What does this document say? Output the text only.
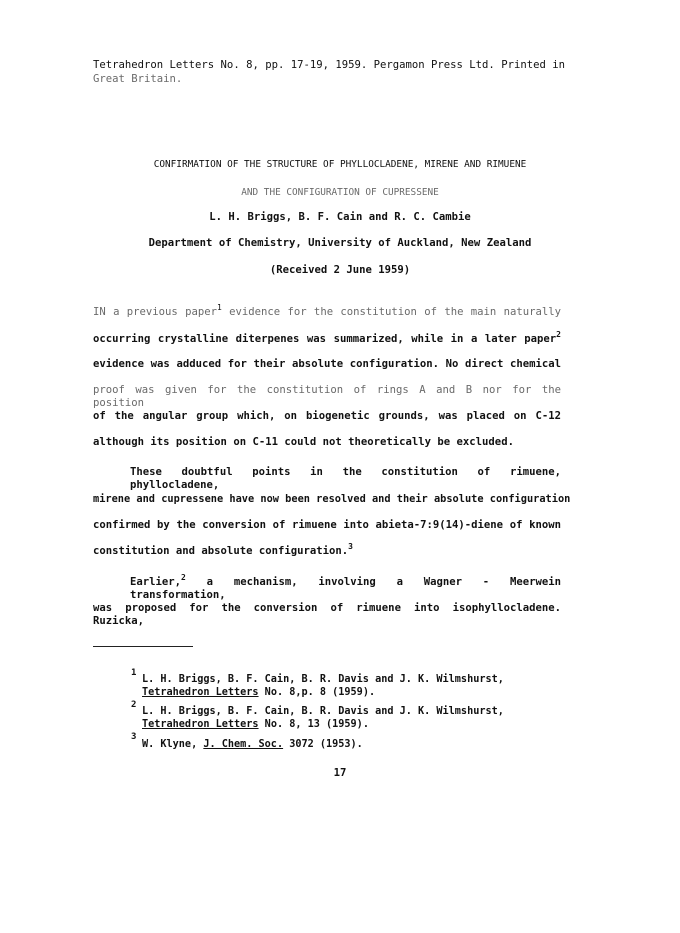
Tetrahedron Letters No. 8, pp. 17-19, 1959. Pergamon Press Ltd. Printed in
Great Britain.
CONFIRMATION OF THE STRUCTURE OF PHYLLOCLADENE, MIRENE AND RIMUENE
AND THE CONFIGURATION OF CUPRESSENE
L. H. Briggs, B. F. Cain and R. C. Cambie
Department of Chemistry, University of Auckland, New Zealand
(Received 2 June 1959)
IN a previous paper$^1$ evidence for the constitution of the main naturally
occurring crystalline diterpenes was summarized, while in a later paper$^2$
evidence was adduced for their absolute configuration. No direct chemical
proof was given for the constitution of rings A and B nor for the position
of the angular group which, on biogenetic grounds, was placed on C-12
although its position on C-11 could not theoretically be excluded.
These doubtful points in the constitution of rimuene, phyllocladene,
mirene and cupressene have now been resolved and their absolute configuration
confirmed by the conversion of rimuene into abieta-7:9(14)-diene of known
constitution and absolute configuration.$^3$
Earlier,$^2$ a mechanism, involving a Wagner - Meerwein transformation,
was proposed for the conversion of rimuene into isophyllocladene. Ruzicka,
1
L. H. Briggs, B. F. Cain, B. R. Davis and J. K. Wilmshurst,
Tetrahedron Letters No. 8,p. 8 (1959).
2
L. H. Briggs, B. F. Cain, B. R. Davis and J. K. Wilmshurst,
Tetrahedron Letters No. 8, 13 (1959).
3
W. Klyne, J. Chem. Soc. 3072 (1953).
17
